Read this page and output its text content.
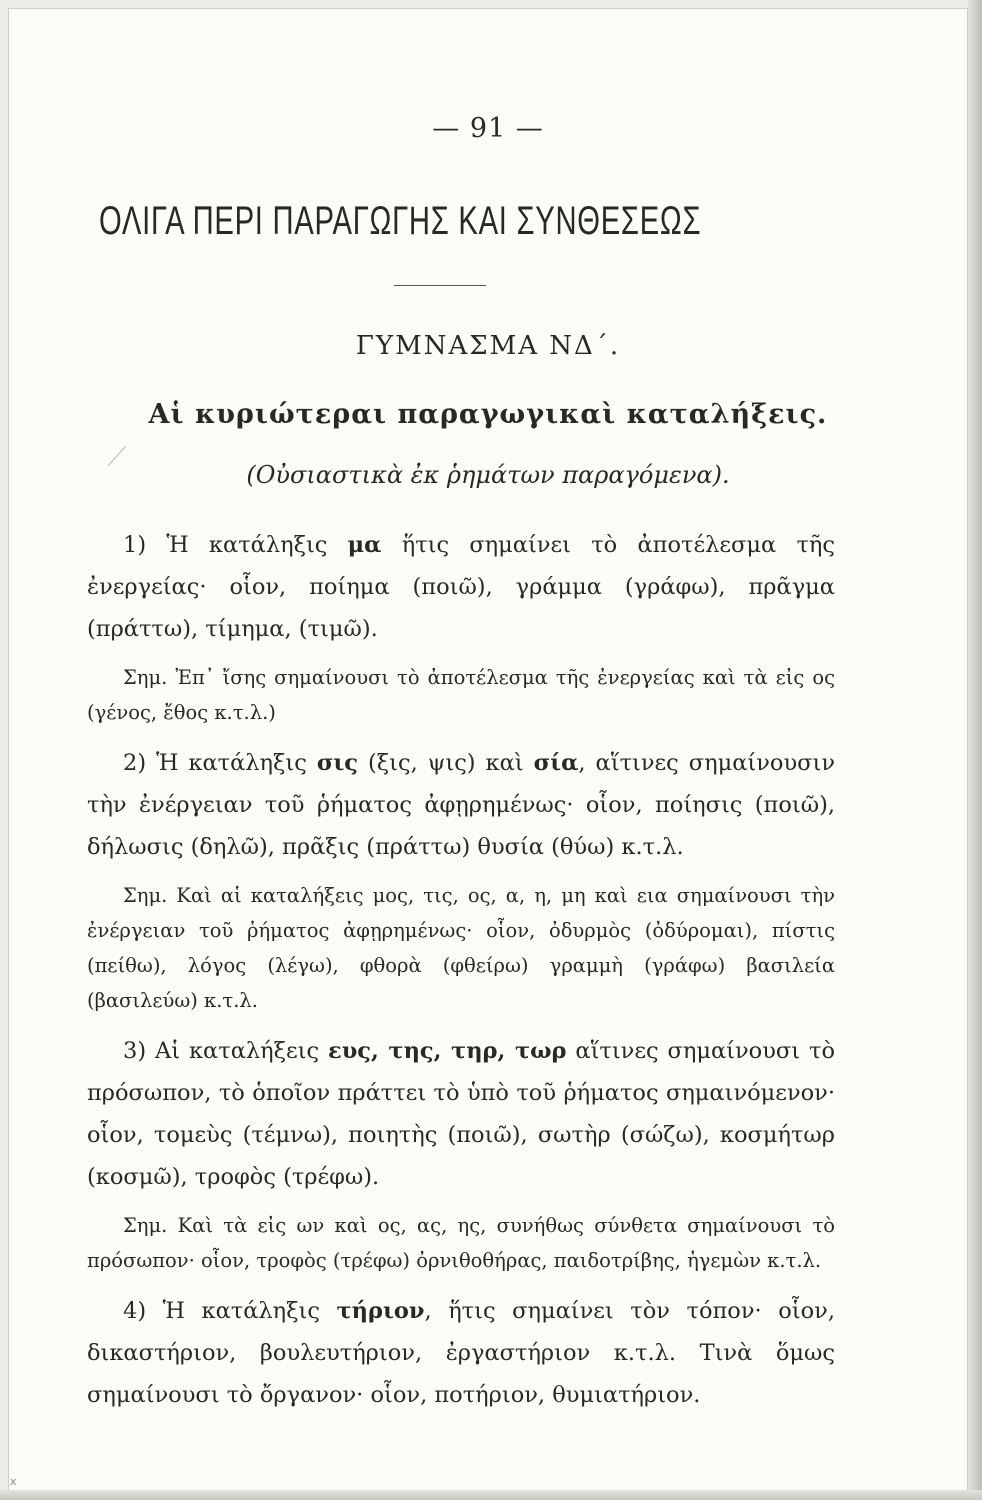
— 91 —
ΟΛΙΓΑ ΠΕΡΙ ΠΑΡΑΓΩΓΗΣ ΚΑΙ ΣΥΝΘΕΣΕΩΣ
ΓΥΜΝΑΣΜΑ ΝΔ΄.
Αἱ κυριώτεραι παραγωγικαὶ καταλήξεις.
(Οὐσιαστικὰ ἐκ ῥημάτων παραγόμενα).

1) Ἡ κατάληξις μα ἥτις σημαίνει τὸ ἀποτέλεσμα τῆς ἐνεργείας· οἷον, ποίημα (ποιῶ), γράμμα (γράφω), πρᾶγμα (πράττω), τίμημα, (τιμῶ).

Σημ. Ἐπ᾽ ἴσης σημαίνουσι τὸ ἀποτέλεσμα τῆς ἐνεργείας καὶ τὰ εἰς ος (γένος, ἔθος κ.τ.λ.)

2) Ἡ κατάληξις σις (ξις, ψις) καὶ σία, αἵτινες σημαίνουσιν τὴν ἐνέργειαν τοῦ ῥήματος ἀφῃρημένως· οἷον, ποίησις (ποιῶ), δήλωσις (δηλῶ), πρᾶξις (πράττω) θυσία (θύω) κ.τ.λ.

Σημ. Καὶ αἱ καταλήξεις μος, τις, ος, α, η, μη καὶ εια σημαίνουσι τὴν ἐνέργειαν τοῦ ῥήματος ἀφῃρημένως· οἷον, ὀδυρμὸς (ὀδύρομαι), πίστις (πείθω), λόγος (λέγω), φθορὰ (φθείρω) γραμμὴ (γράφω) βασιλεία (βασιλεύω) κ.τ.λ.

3) Αἱ καταλήξεις ευς, της, τηρ, τωρ αἵτινες σημαίνουσι τὸ πρόσωπον, τὸ ὁποῖον πράττει τὸ ὑπὸ τοῦ ῥήματος σημαινόμενον· οἷον, τομεὺς (τέμνω), ποιητὴς (ποιῶ), σωτὴρ (σώζω), κοσμήτωρ (κοσμῶ), τροφὸς (τρέφω).

Σημ. Καὶ τὰ εἰς ων καὶ ος, ας, ης, συνήθως σύνθετα σημαίνουσι τὸ πρόσωπον· οἷον, τροφὸς (τρέφω) ὀρνιθοθήρας, παιδοτρίβης, ἡγεμὼν κ.τ.λ.

4) Ἡ κατάληξις τήριον, ἥτις σημαίνει τὸν τόπον· οἷον, δικαστήριον, βουλευτήριον, ἐργαστήριον κ.τ.λ. Τινὰ ὅμως σημαίνουσι τὸ ὄργανον· οἷον, ποτήριον, θυμιατήριον.

x
